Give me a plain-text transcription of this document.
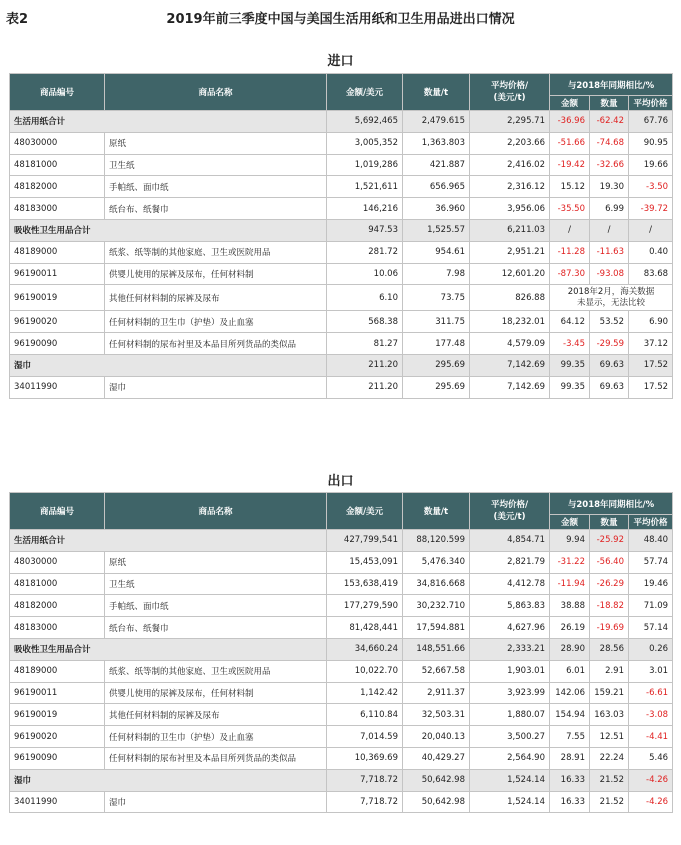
表2	2019年前三季度中国与美国生活用纸和卫生用品进出口情况
进口
商品编号	商品名称	金额/美元	数量/t	平均价格/
(美元/t)	与2018年同期相比/%		
					金额	数量	平均价格
生活用纸合计		5,692,465	2,479.615	2,295.71	-36.96	-62.42	67.76
48030000	原纸	3,005,352	1,363.803	2,203.66	-51.66	-74.68	90.95
48181000	卫生纸	1,019,286	421.887	2,416.02	-19.42	-32.66	19.66
48182000	手帕纸、面巾纸	1,521,611	656.965	2,316.12	15.12	19.30	-3.50
48183000	纸台布、纸餐巾	146,216	36.960	3,956.06	-35.50	6.99	-39.72
吸收性卫生用品合计		947.53	1,525.57	6,211.03	/	/	/
48189000	纸浆、纸等制的其他家庭、卫生或医院用品	281.72	954.61	2,951.21	-11.28	-11.63	0.40
96190011	供婴儿使用的尿裤及尿布，任何材料制	10.06	7.98	12,601.20	-87.30	-93.08	83.68
96190019	其他任何材料制的尿裤及尿布	6.10	73.75	826.88	2018年2月，海关数据
未显示，无法比较		

96190020	任何材料制的卫生巾（护垫）及止血塞	568.38	311.75	18,232.01	64.12	53.52	6.90
96190090	任何材料制的尿布衬里及本品目所列货品的类似品	81.27	177.48	4,579.09	-3.45	-29.59	37.12
湿巾		211.20	295.69	7,142.69	99.35	69.63	17.52
34011990	湿巾	211.20	295.69	7,142.69	99.35	69.63	17.52
出口
商品编号	商品名称	金额/美元	数量/t	平均价格/
(美元/t)	与2018年同期相比/%		
					金额	数量	平均价格
生活用纸合计		427,799,541	88,120.599	4,854.71	9.94	-25.92	48.40
48030000	原纸	15,453,091	5,476.340	2,821.79	-31.22	-56.40	57.74
48181000	卫生纸	153,638,419	34,816.668	4,412.78	-11.94	-26.29	19.46
48182000	手帕纸、面巾纸	177,279,590	30,232.710	5,863.83	38.88	-18.82	71.09
48183000	纸台布、纸餐巾	81,428,441	17,594.881	4,627.96	26.19	-19.69	57.14
吸收性卫生用品合计		34,660.24	148,551.66	2,333.21	28.90	28.56	0.26
48189000	纸浆、纸等制的其他家庭、卫生或医院用品	10,022.70	52,667.58	1,903.01	6.01	2.91	3.01
96190011	供婴儿使用的尿裤及尿布，任何材料制	1,142.42	2,911.37	3,923.99	142.06	159.21	-6.61
96190019	其他任何材料制的尿裤及尿布	6,110.84	32,503.31	1,880.07	154.94	163.03	-3.08
96190020	任何材料制的卫生巾（护垫）及止血塞	7,014.59	20,040.13	3,500.27	7.55	12.51	-4.41
96190090	任何材料制的尿布衬里及本品目所列货品的类似品	10,369.69	40,429.27	2,564.90	28.91	22.24	5.46
湿巾		7,718.72	50,642.98	1,524.14	16.33	21.52	-4.26
34011990	湿巾	7,718.72	50,642.98	1,524.14	16.33	21.52	-4.26
